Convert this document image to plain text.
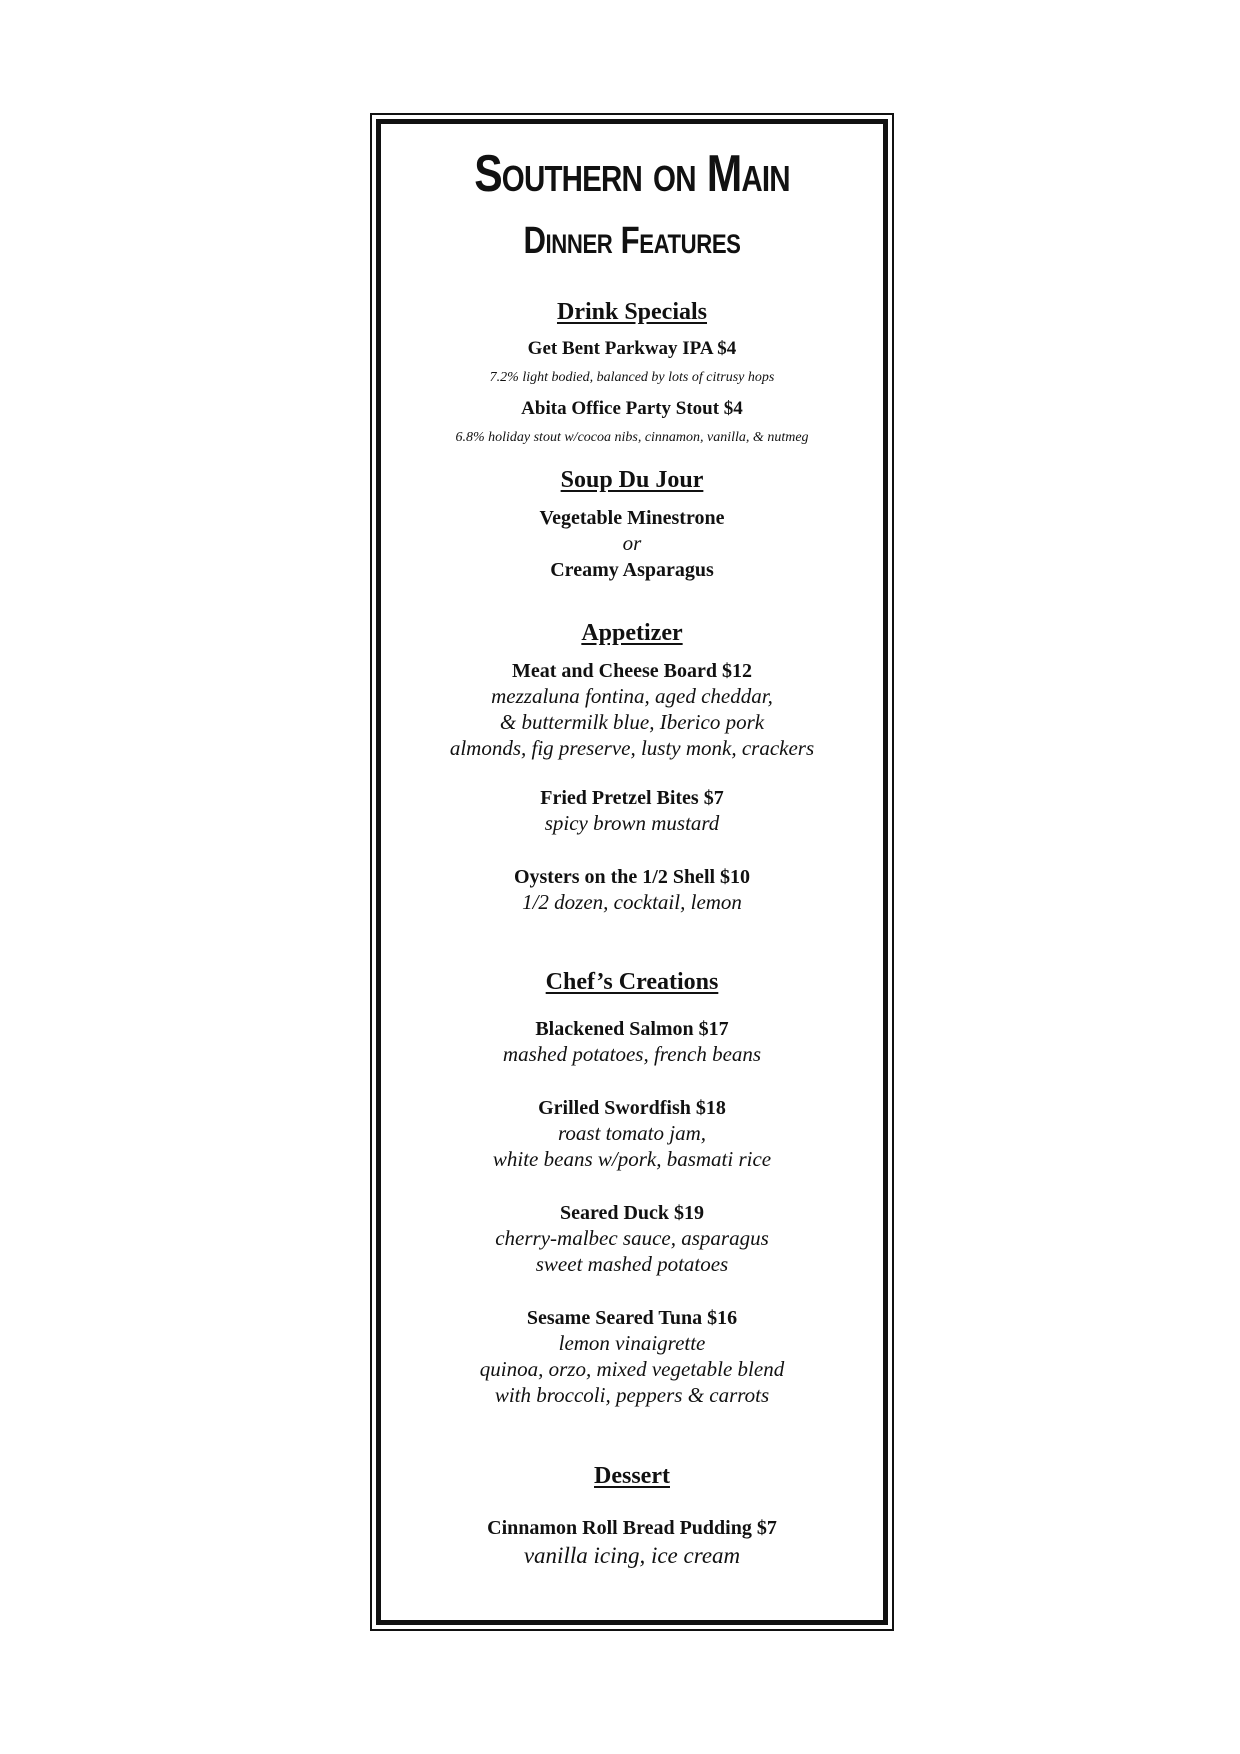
Southern on Main
Dinner Features
Drink Specials
Get Bent Parkway IPA $4
7.2% light bodied, balanced by lots of citrusy hops
Abita Office Party Stout $4
6.8% holiday stout w/cocoa nibs, cinnamon, vanilla, & nutmeg
Soup Du Jour
Vegetable Minestrone
or
Creamy Asparagus
Appetizer
Meat and Cheese Board $12
mezzaluna fontina, aged cheddar,
& buttermilk blue, Iberico pork
almonds, fig preserve, lusty monk, crackers
Fried Pretzel Bites $7
spicy brown mustard
Oysters on the 1/2 Shell $10
1/2 dozen, cocktail, lemon
Chef’s Creations
Blackened Salmon $17
mashed potatoes, french beans
Grilled Swordfish $18
roast tomato jam,
white beans w/pork, basmati rice
Seared Duck $19
cherry-malbec sauce, asparagus
sweet mashed potatoes
Sesame Seared Tuna $16
lemon vinaigrette
quinoa, orzo, mixed vegetable blend
with broccoli, peppers & carrots
Dessert
Cinnamon Roll Bread Pudding $7
vanilla icing, ice cream
